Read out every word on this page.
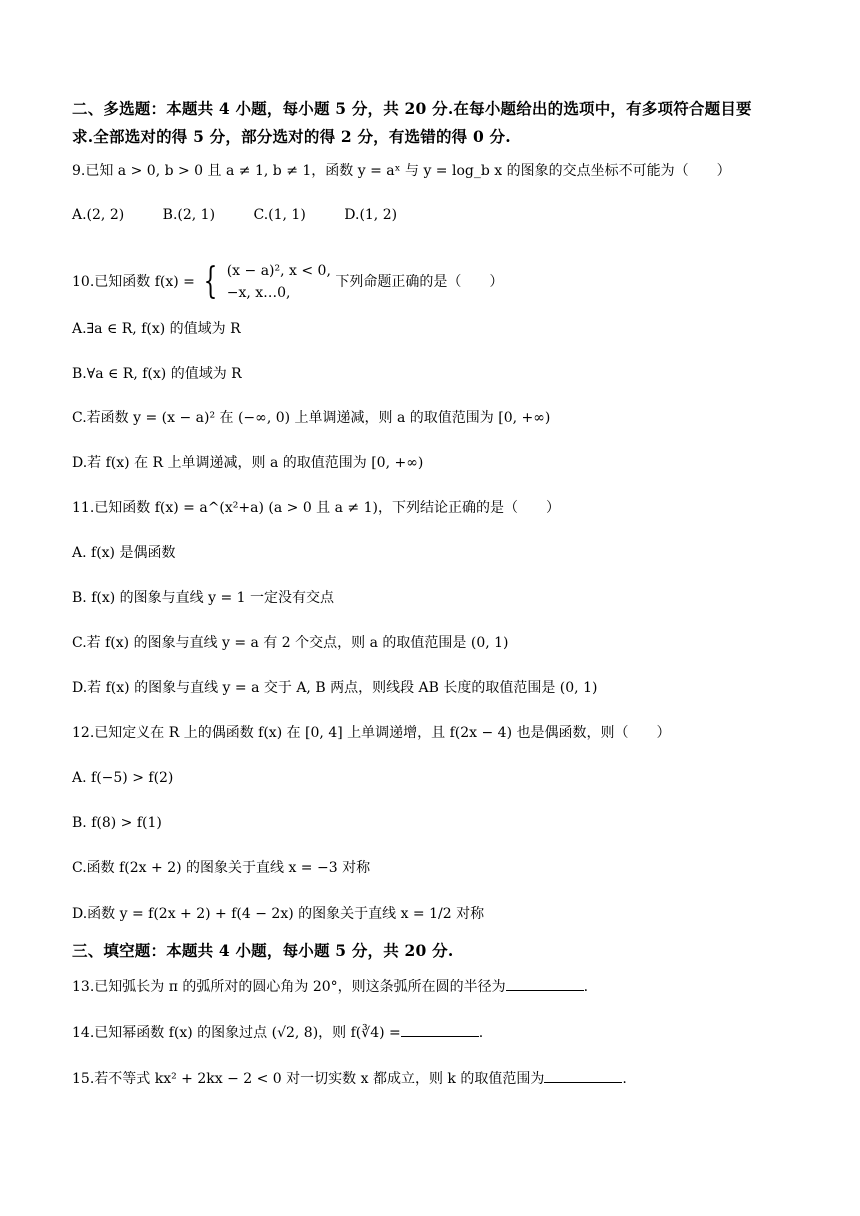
二、多选题：本题共 4 小题，每小题 5 分，共 20 分.在每小题给出的选项中，有多项符合题目要
求.全部选对的得 5 分，部分选对的得 2 分，有选错的得 0 分.
9.已知 a > 0, b > 0 且 a ≠ 1, b ≠ 1，函数 y = aˣ 与 y = log_b x 的图象的交点坐标不可能为（　　）
A.(2, 2)	B.(2, 1)	C.(1, 1)	D.(1, 2)
10.已知函数 f(x) = { (x − a)², x < 0,
−x, x…0, 下列命题正确的是（　　）
A.∃a ∈ R, f(x) 的值域为 R
B.∀a ∈ R, f(x) 的值域为 R
C.若函数 y = (x − a)² 在 (−∞, 0) 上单调递减，则 a 的取值范围为 [0, +∞)
D.若 f(x) 在 R 上单调递减，则 a 的取值范围为 [0, +∞)
11.已知函数 f(x) = a^(x²+a) (a > 0 且 a ≠ 1)，下列结论正确的是（　　）
A. f(x) 是偶函数
B. f(x) 的图象与直线 y = 1 一定没有交点
C.若 f(x) 的图象与直线 y = a 有 2 个交点，则 a 的取值范围是 (0, 1)
D.若 f(x) 的图象与直线 y = a 交于 A, B 两点，则线段 AB 长度的取值范围是 (0, 1)
12.已知定义在 R 上的偶函数 f(x) 在 [0, 4] 上单调递增，且 f(2x − 4) 也是偶函数，则（　　）
A. f(−5) > f(2)
B. f(8) > f(1)
C.函数 f(2x + 2) 的图象关于直线 x = −3 对称
D.函数 y = f(2x + 2) + f(4 − 2x) 的图象关于直线 x = 1/2 对称
三、填空题：本题共 4 小题，每小题 5 分，共 20 分.
13.已知弧长为 π 的弧所对的圆心角为 20°，则这条弧所在圆的半径为	.
14.已知幂函数 f(x) 的图象过点 (√2, 8)，则 f(∛4) =	.
15.若不等式 kx² + 2kx − 2 < 0 对一切实数 x 都成立，则 k 的取值范围为	.
